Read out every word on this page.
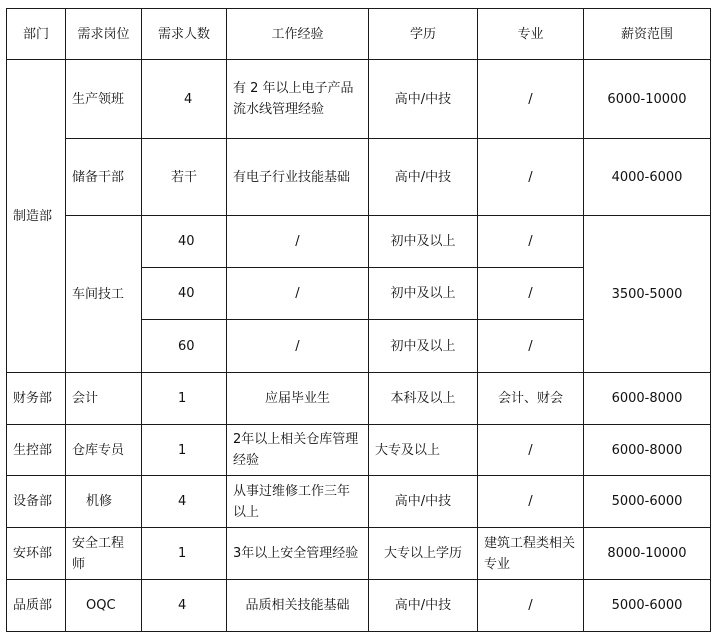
部门	需求岗位	需求人数	工作经验	学历	专业	薪资范围
制造部	生产领班	4	有 2 年以上电子产品流水线管理经验	高中/中技	/	6000-10000
	储备干部	若干	有电子行业技能基础	高中/中技	/	4000-6000
	车间技工	40	/	初中及以上	/	3500-5000
		40	/	初中及以上	/	
		60	/	初中及以上	/	
财务部	会计	1	应届毕业生	本科及以上	会计、财会	6000-8000
生控部	仓库专员	1	2年以上相关仓库管理经验	大专及以上	/	6000-8000
设备部	机修	4	从事过维修工作三年以上	高中/中技	/	5000-6000
安环部	安全工程师	1	3年以上安全管理经验	大专以上学历	建筑工程类相关专业	8000-10000
品质部	OQC	4	品质相关技能基础	高中/中技	/	5000-6000
